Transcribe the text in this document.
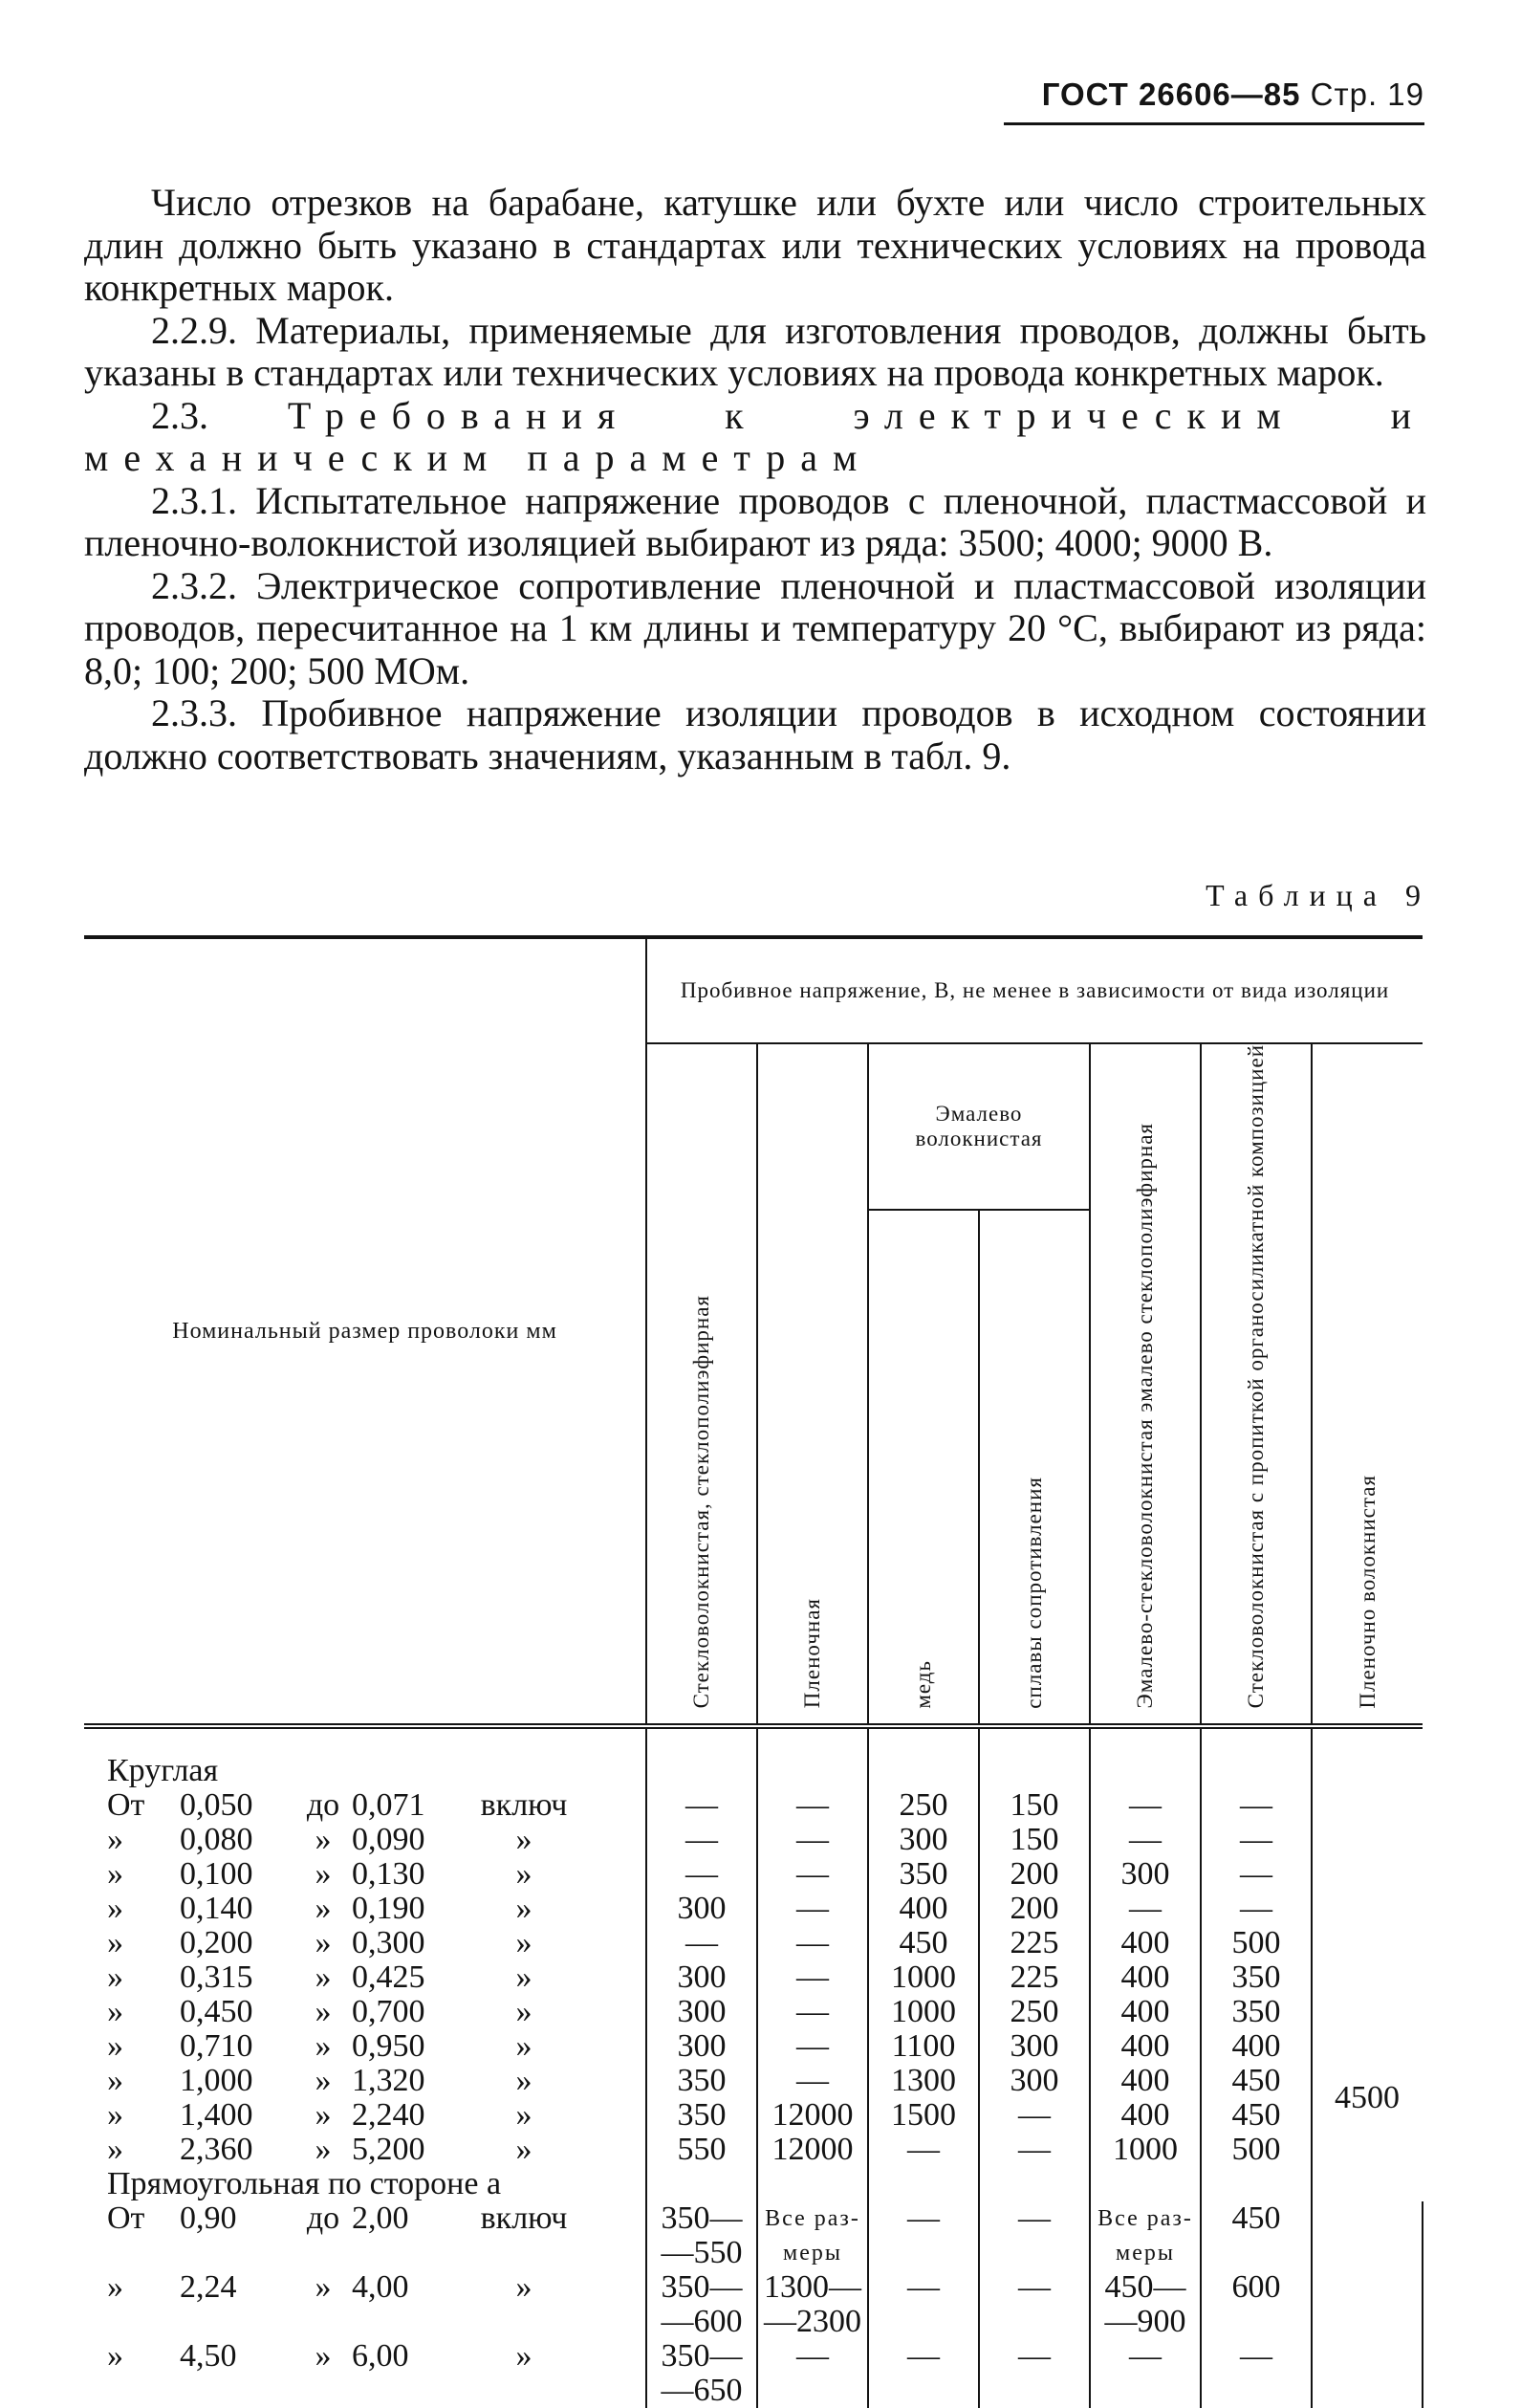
ГОСТ 26606—85 Стр. 19

Число отрезков на барабане, катушке или бухте или число строительных длин должно быть указано в стандартах или технических условиях на провода конкретных марок.

2.2.9. Материалы, применяемые для изготовления проводов, должны быть указаны в стандартах или технических условиях на провода конкретных марок.

2.3. Требования к электрическим и механическим параметрам

2.3.1. Испытательное напряжение проводов с пленочной, пластмассовой и пленочно-волокнистой изоляцией выбирают из ряда: 3500; 4000; 9000 В.

2.3.2. Электрическое сопротивление пленочной и пластмассовой изоляции проводов, пересчитанное на 1 км длины и температуру 20 °С, выбирают из ряда: 8,0; 100; 200; 500 МОм.

2.3.3. Пробивное напряжение изоляции проводов в исходном состоянии должно соответствовать значениям, указанным в табл. 9.

Таблица 9
Номинальный размер проволоки мм	Пробивное напряжение, В, не менее в зависимости от вида изоляции							

	Стекловолокнистая, стеклополиэфирная	Пленочная	Эмалево волокнистая		Эмалево-стекловолокнистая эмалево стеклополиэфирная	Стекловолокнистая с пропиткой органосиликатной композицией	Пленочно волокнистая	

			медь	сплавы сопротивления				

Круглая								

От 0,050 до 0,071 включ	—	—	250	150	—	—	4500	

» 0,080 » 0,090 »	—	—	300	150	—	—		

» 0,100 » 0,130 »	—	—	350	200	300	—		

» 0,140 » 0,190 »	300	—	400	200	—	—		

» 0,200 » 0,300 »	—	—	450	225	400	500		

» 0,315 » 0,425 »	300	—	1000	225	400	350		

» 0,450 » 0,700 »	300	—	1000	250	400	350		

» 0,710 » 0,950 »	300	—	1100	300	400	400		

» 1,000 » 1,320 »	350	—	1300	300	400	450		

» 1,400 » 2,240 »	350	12000	1500	—	400	450		

» 2,360 » 5,200 »	550	12000	—	—	1000	500		
Прямоугольная по стороне a								

От 0,90 до 2,00 включ	350— —550	Все раз- меры	—	—	Все раз- меры	450		

» 2,24 » 4,00 »	350— —600	1300— —2300	—	—	450— —900	600		

» 4,50 » 6,00 »	350— —650	—	—	—	—	—		
